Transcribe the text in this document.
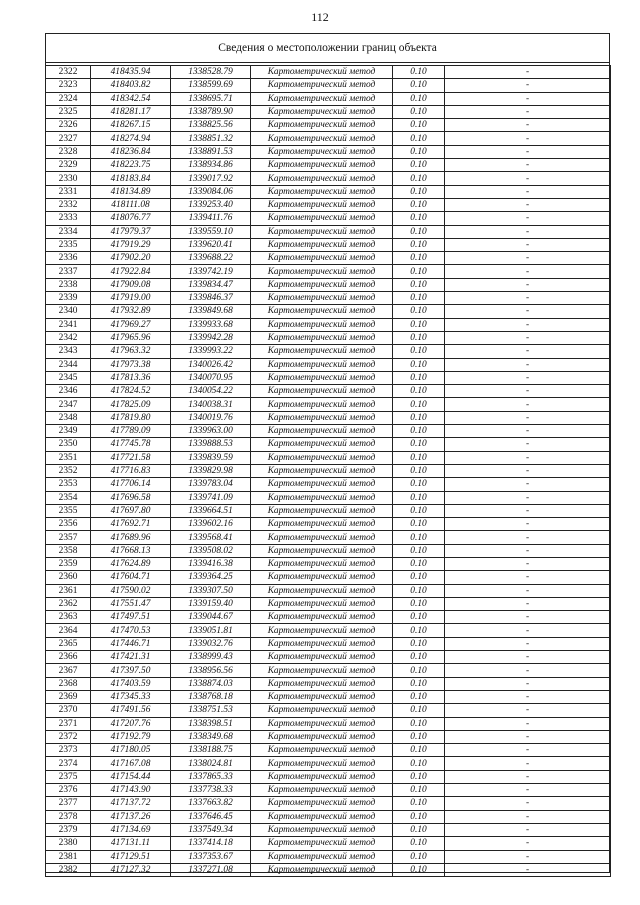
112
Сведения о местоположении границ объекта
2322	418435.94	1338528.79	Картометрический метод	0.10	-
2323	418403.82	1338599.69	Картометрический метод	0.10	-
2324	418342.54	1338695.71	Картометрический метод	0.10	-
2325	418281.17	1338789.90	Картометрический метод	0.10	-
2326	418267.15	1338825.56	Картометрический метод	0.10	-
2327	418274.94	1338851.32	Картометрический метод	0.10	-
2328	418236.84	1338891.53	Картометрический метод	0.10	-
2329	418223.75	1338934.86	Картометрический метод	0.10	-
2330	418183.84	1339017.92	Картометрический метод	0.10	-
2331	418134.89	1339084.06	Картометрический метод	0.10	-
2332	418111.08	1339253.40	Картометрический метод	0.10	-
2333	418076.77	1339411.76	Картометрический метод	0.10	-
2334	417979.37	1339559.10	Картометрический метод	0.10	-
2335	417919.29	1339620.41	Картометрический метод	0.10	-
2336	417902.20	1339688.22	Картометрический метод	0.10	-
2337	417922.84	1339742.19	Картометрический метод	0.10	-
2338	417909.08	1339834.47	Картометрический метод	0.10	-
2339	417919.00	1339846.37	Картометрический метод	0.10	-
2340	417932.89	1339849.68	Картометрический метод	0.10	-
2341	417969.27	1339933.68	Картометрический метод	0.10	-
2342	417965.96	1339942.28	Картометрический метод	0.10	-
2343	417963.32	1339993.22	Картометрический метод	0.10	-
2344	417973.38	1340026.42	Картометрический метод	0.10	-
2345	417813.36	1340070.95	Картометрический метод	0.10	-
2346	417824.52	1340054.22	Картометрический метод	0.10	-
2347	417825.09	1340038.31	Картометрический метод	0.10	-
2348	417819.80	1340019.76	Картометрический метод	0.10	-
2349	417789.09	1339963.00	Картометрический метод	0.10	-
2350	417745.78	1339888.53	Картометрический метод	0.10	-
2351	417721.58	1339839.59	Картометрический метод	0.10	-
2352	417716.83	1339829.98	Картометрический метод	0.10	-
2353	417706.14	1339783.04	Картометрический метод	0.10	-
2354	417696.58	1339741.09	Картометрический метод	0.10	-
2355	417697.80	1339664.51	Картометрический метод	0.10	-
2356	417692.71	1339602.16	Картометрический метод	0.10	-
2357	417689.96	1339568.41	Картометрический метод	0.10	-
2358	417668.13	1339508.02	Картометрический метод	0.10	-
2359	417624.89	1339416.38	Картометрический метод	0.10	-
2360	417604.71	1339364.25	Картометрический метод	0.10	-
2361	417590.02	1339307.50	Картометрический метод	0.10	-
2362	417551.47	1339159.40	Картометрический метод	0.10	-
2363	417497.51	1339044.67	Картометрический метод	0.10	-
2364	417470.53	1339051.81	Картометрический метод	0.10	-
2365	417446.71	1339032.76	Картометрический метод	0.10	-
2366	417421.31	1338999.43	Картометрический метод	0.10	-
2367	417397.50	1338956.56	Картометрический метод	0.10	-
2368	417403.59	1338874.03	Картометрический метод	0.10	-
2369	417345.33	1338768.18	Картометрический метод	0.10	-
2370	417491.56	1338751.53	Картометрический метод	0.10	-
2371	417207.76	1338398.51	Картометрический метод	0.10	-
2372	417192.79	1338349.68	Картометрический метод	0.10	-
2373	417180.05	1338188.75	Картометрический метод	0.10	-
2374	417167.08	1338024.81	Картометрический метод	0.10	-
2375	417154.44	1337865.33	Картометрический метод	0.10	-
2376	417143.90	1337738.33	Картометрический метод	0.10	-
2377	417137.72	1337663.82	Картометрический метод	0.10	-
2378	417137.26	1337646.45	Картометрический метод	0.10	-
2379	417134.69	1337549.34	Картометрический метод	0.10	-
2380	417131.11	1337414.18	Картометрический метод	0.10	-
2381	417129.51	1337353.67	Картометрический метод	0.10	-
2382	417127.32	1337271.08	Картометрический метод	0.10	-
